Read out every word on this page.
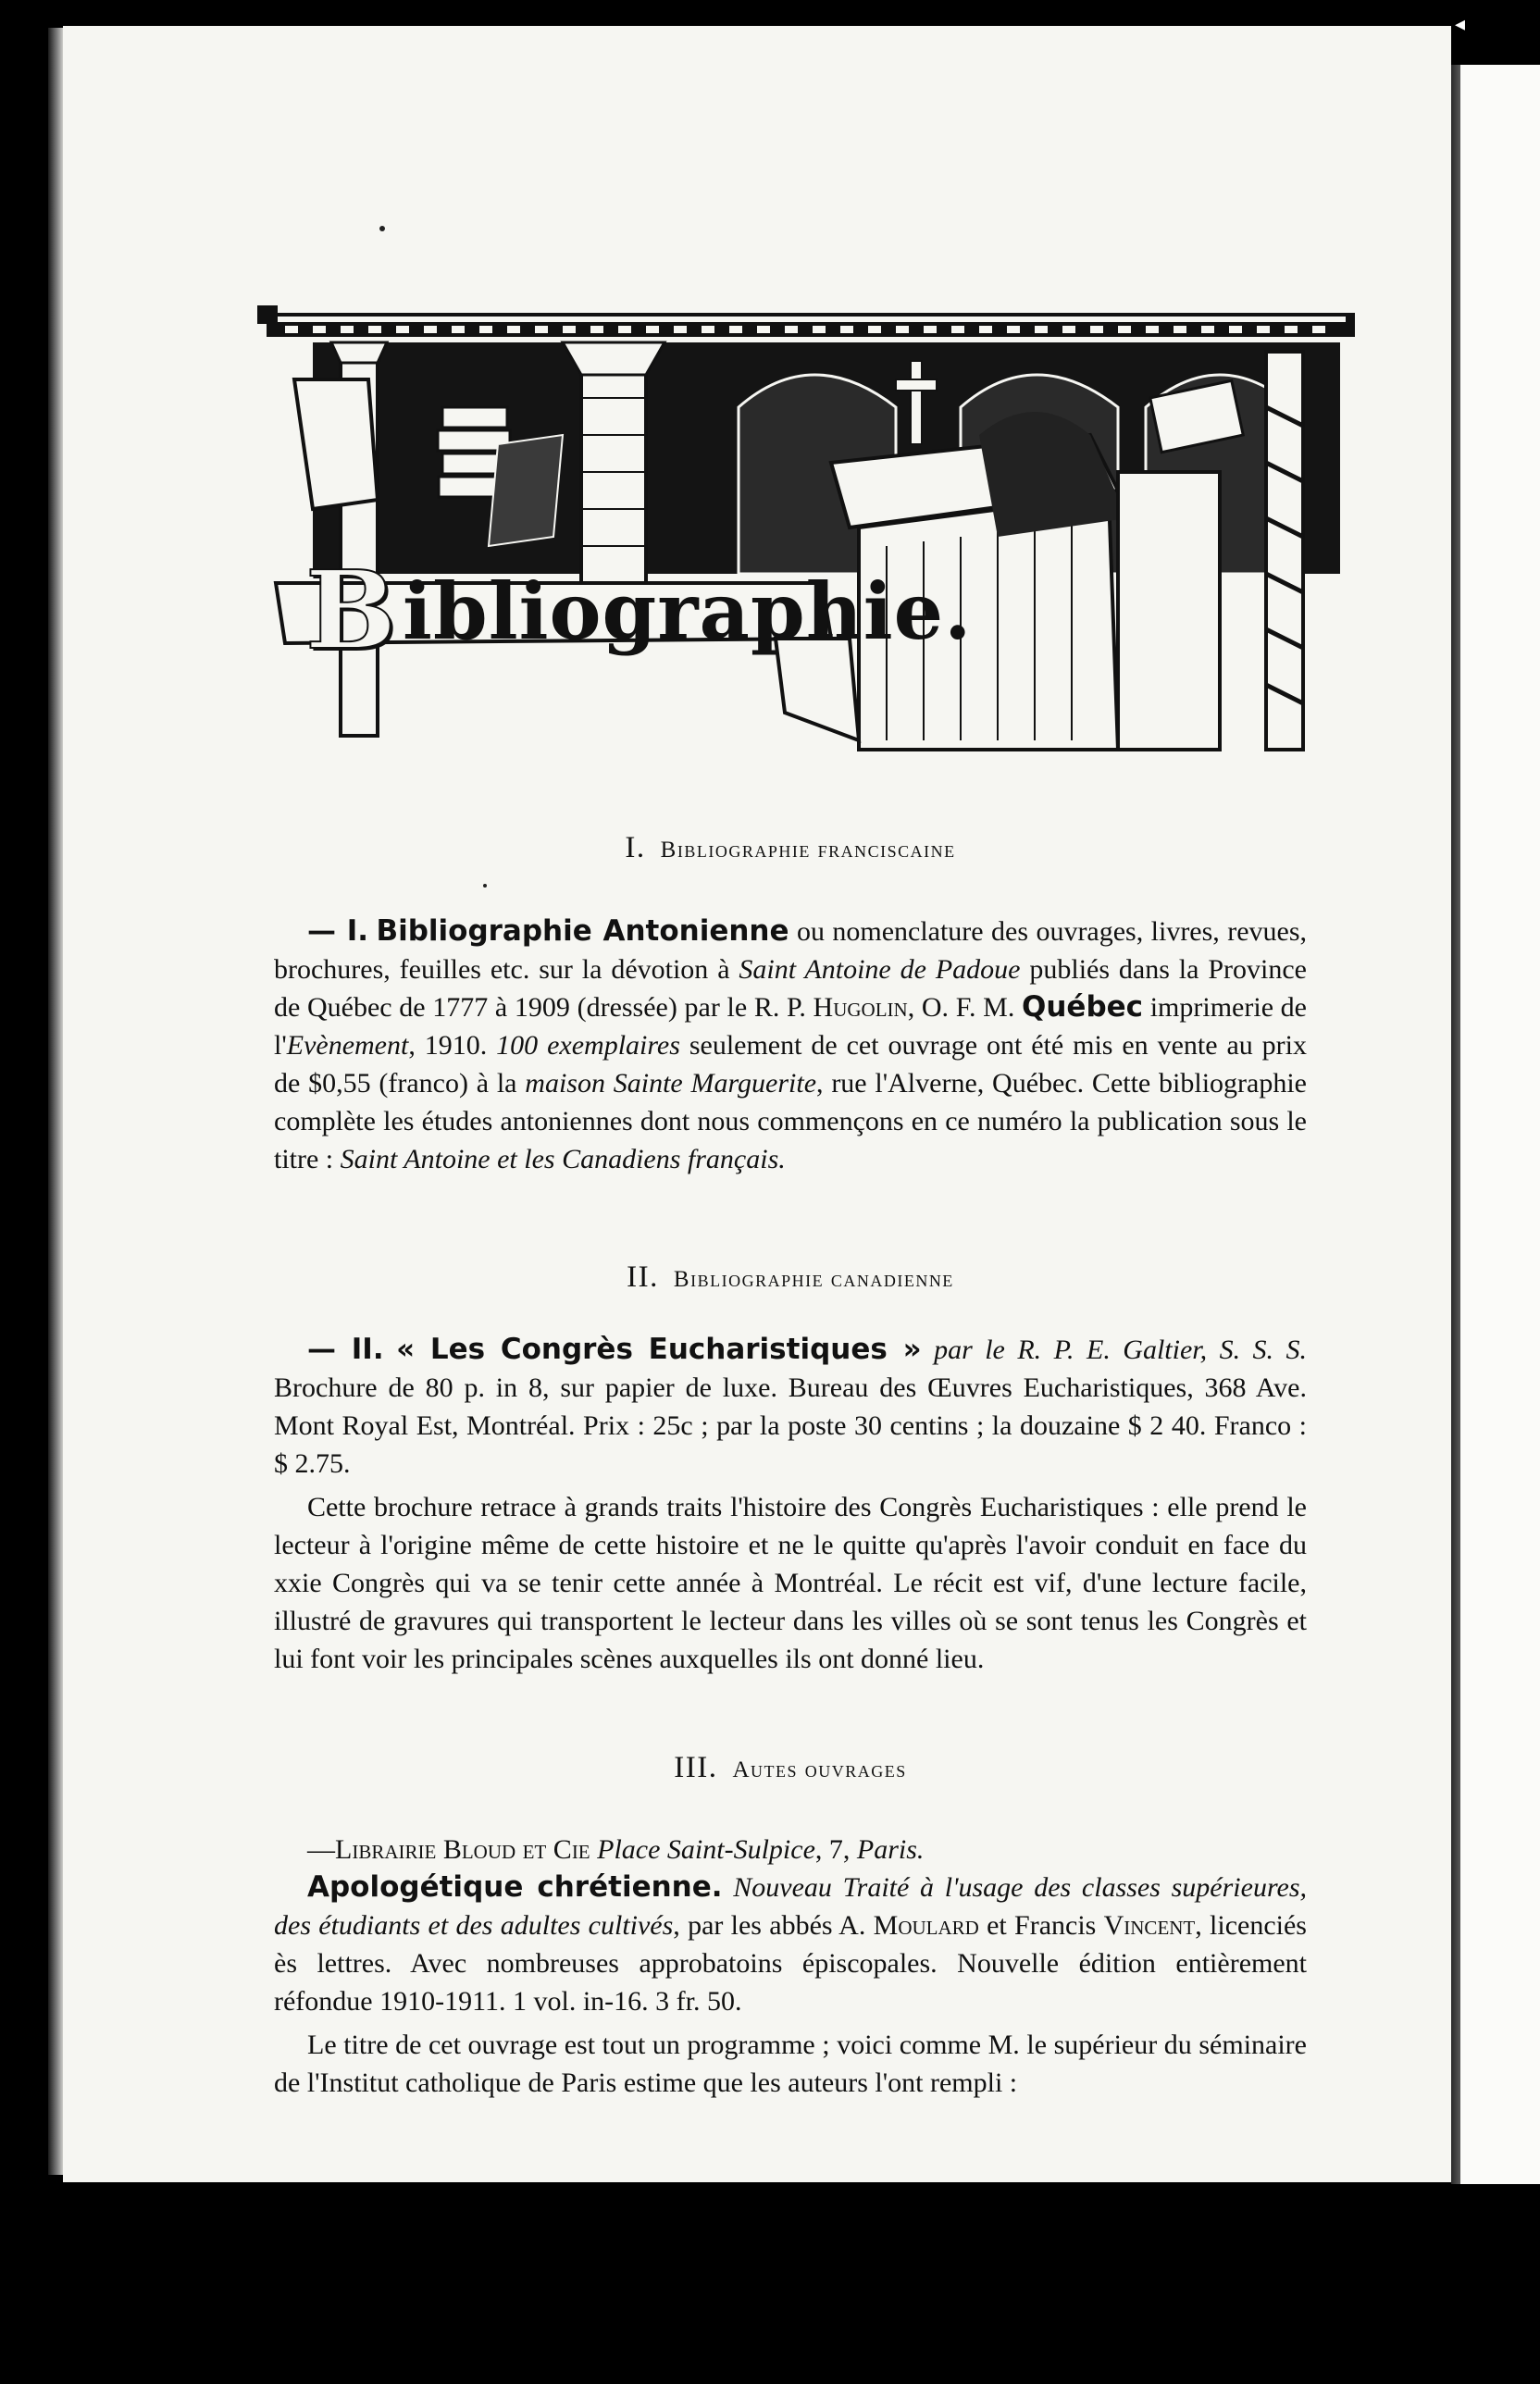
◂
B ibliographie.
I. Bibliographie franciscaine

— I. Bibliographie Antonienne ou nomenclature des ouvrages, livres, revues, brochures, feuilles etc. sur la dévotion à Saint Antoine de Padoue publiés dans la Province de Québec de 1777 à 1909 (dressée) par le R. P. Hugolin, O. F. M. Québec imprimerie de l'Evènement, 1910. 100 exemplaires seulement de cet ouvrage ont été mis en vente au prix de $0,55 (franco) à la maison Sainte Marguerite, rue l'Alverne, Québec. Cette bibliographie complète les études antoniennes dont nous commençons en ce numéro la publication sous le titre : Saint Antoine et les Canadiens français.

II. Bibliographie canadienne

— II. « Les Congrès Eucharistiques » par le R. P. E. Galtier, S. S. S. Brochure de 80 p. in 8, sur papier de luxe. Bureau des Œuvres Eucharistiques, 368 Ave. Mont Royal Est, Montréal. Prix : 25c ; par la poste 30 centins ; la douzaine $ 2 40. Franco : $ 2.75.

Cette brochure retrace à grands traits l'histoire des Congrès Eucharistiques : elle prend le lecteur à l'origine même de cette histoire et ne le quitte qu'après l'avoir conduit en face du xxie Congrès qui va se tenir cette année à Montréal. Le récit est vif, d'une lecture facile, illustré de gravures qui transportent le lecteur dans les villes où se sont tenus les Congrès et lui font voir les principales scènes auxquelles ils ont donné lieu.

III. Autes ouvrages

—Librairie Bloud et Cie Place Saint-Sulpice, 7, Paris.

Apologétique chrétienne. Nouveau Traité à l'usage des classes supérieures, des étudiants et des adultes cultivés, par les abbés A. Moulard et Francis Vincent, licenciés ès lettres. Avec nombreuses approbatoins épiscopales. Nouvelle édition entièrement réfondue 1910-1911. 1 vol. in-16. 3 fr. 50.

Le titre de cet ouvrage est tout un programme ; voici comme M. le supérieur du séminaire de l'Institut catholique de Paris estime que les auteurs l'ont rempli :
